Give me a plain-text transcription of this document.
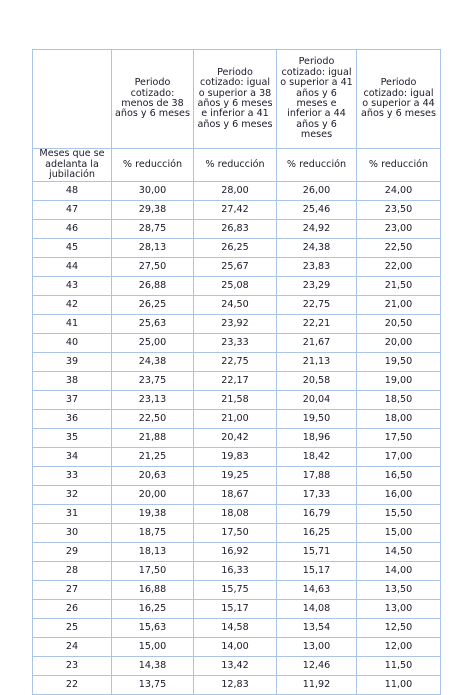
	Periodo cotizado: menos de 38 años y 6 meses	Periodo cotizado: igual o superior a 38 años y 6 meses e inferior a 41 años y 6 meses	Periodo cotizado: igual o superior a 41 años y 6 meses e inferior a 44 años y 6 meses	Periodo cotizado: igual o superior a 44 años y 6 meses

Meses que se adelanta la jubilación	% reducción	% reducción	% reducción	% reducción
48	30,00	28,00	26,00	24,00
47	29,38	27,42	25,46	23,50
46	28,75	26,83	24,92	23,00
45	28,13	26,25	24,38	22,50
44	27,50	25,67	23,83	22,00
43	26,88	25,08	23,29	21,50
42	26,25	24,50	22,75	21,00
41	25,63	23,92	22,21	20,50
40	25,00	23,33	21,67	20,00
39	24,38	22,75	21,13	19,50
38	23,75	22,17	20,58	19,00
37	23,13	21,58	20,04	18,50
36	22,50	21,00	19,50	18,00
35	21,88	20,42	18,96	17,50
34	21,25	19,83	18,42	17,00
33	20,63	19,25	17,88	16,50
32	20,00	18,67	17,33	16,00
31	19,38	18,08	16,79	15,50
30	18,75	17,50	16,25	15,00
29	18,13	16,92	15,71	14,50
28	17,50	16,33	15,17	14,00
27	16,88	15,75	14,63	13,50
26	16,25	15,17	14,08	13,00
25	15,63	14,58	13,54	12,50
24	15,00	14,00	13,00	12,00
23	14,38	13,42	12,46	11,50
22	13,75	12,83	11,92	11,00
